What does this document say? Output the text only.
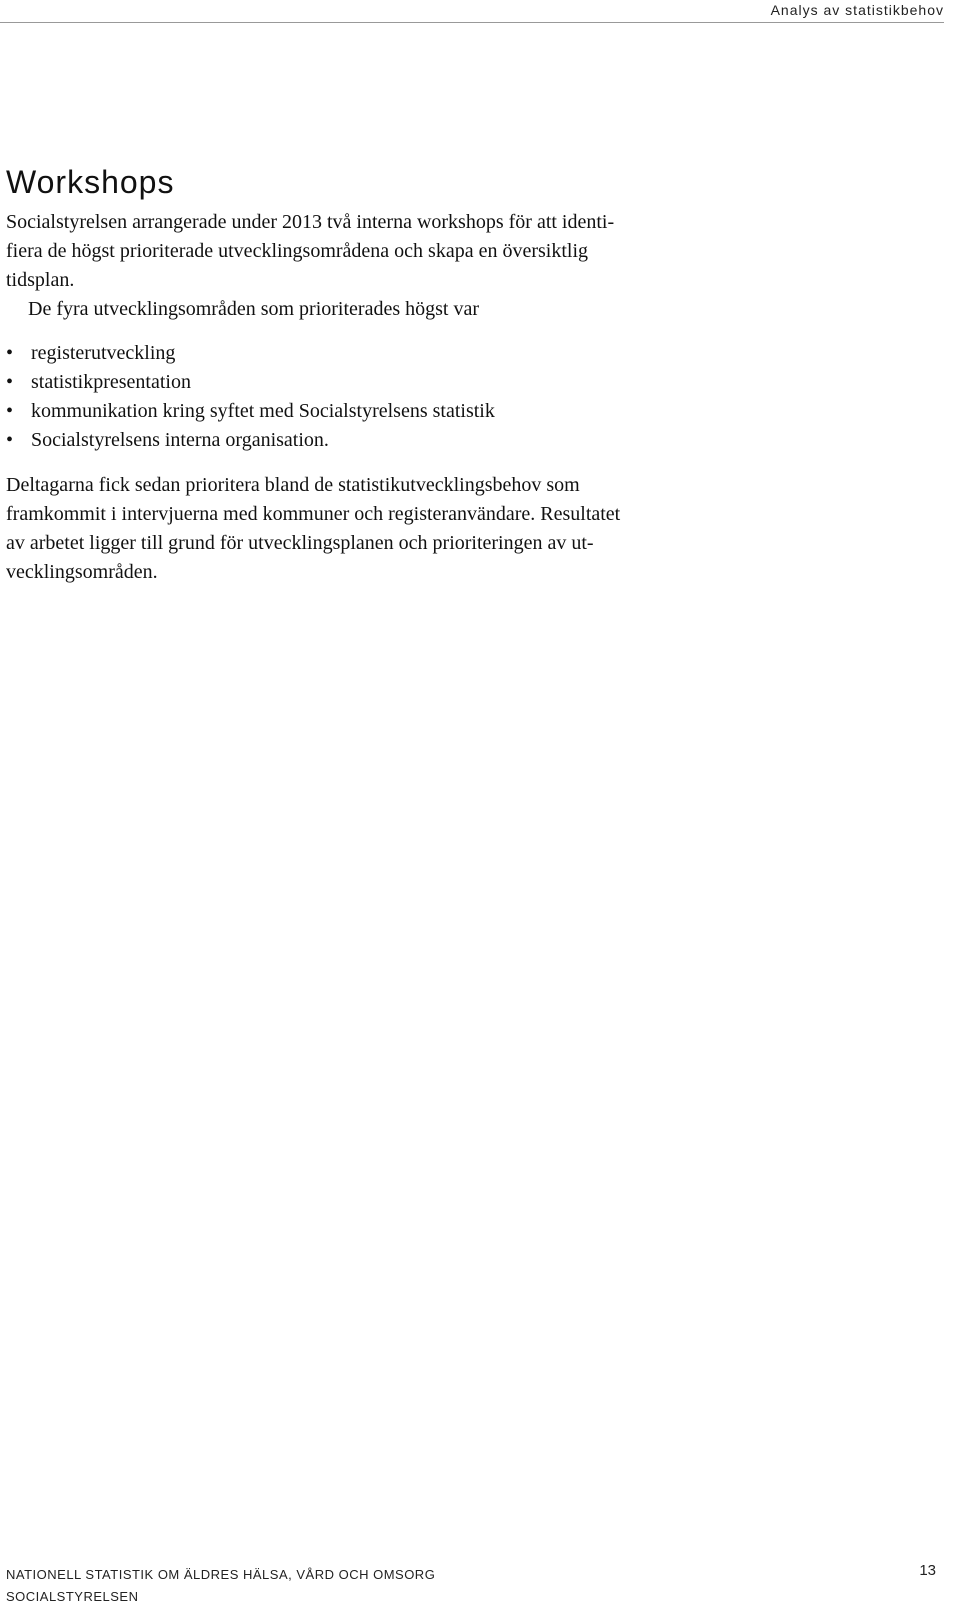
Analys av statistikbehov
Workshops

Socialstyrelsen arrangerade under 2013 två interna workshops för att identi-
fiera de högst prioriterade utvecklingsområdena och skapa en översiktlig
tidsplan.

De fyra utvecklingsområden som prioriterades högst var

• registerutveckling
• statistikpresentation
• kommunikation kring syftet med Socialstyrelsens statistik
• Socialstyrelsens interna organisation.

Deltagarna fick sedan prioritera bland de statistikutvecklingsbehov som
framkommit i intervjuerna med kommuner och registeranvändare. Resultatet
av arbetet ligger till grund för utvecklingsplanen och prioriteringen av ut-
vecklingsområden.

NATIONELL STATISTIK OM ÄLDRES HÄLSA, VÅRD OCH OMSORG
SOCIALSTYRELSEN
13
